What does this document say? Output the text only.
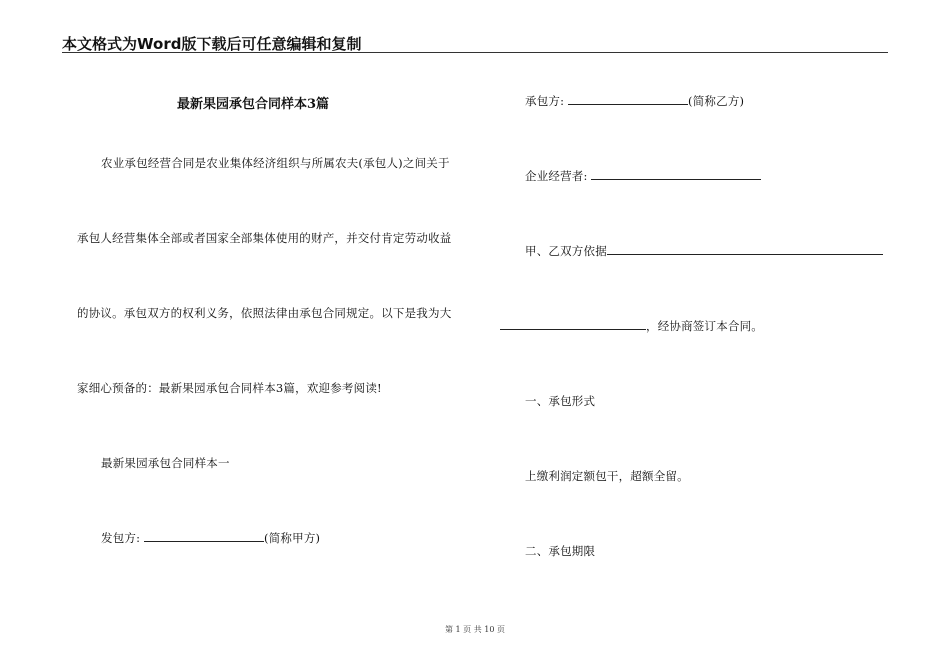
本文格式为Word版下载后可任意编辑和复制
最新果园承包合同样本3篇
农业承包经营合同是农业集体经济组织与所属农夫(承包人)之间关于
承包人经营集体全部或者国家全部集体使用的财产，并交付肯定劳动收益
的协议。承包双方的权利义务，依照法律由承包合同规定。以下是我为大
家细心预备的：最新果园承包合同样本3篇，欢迎参考阅读!
最新果园承包合同样本一
发包方:	(简称甲方)
承包方:	(简称乙方)
企业经营者:
甲、乙双方依据
，经协商签订本合同。
一、承包形式
上缴利润定额包干，超额全留。
二、承包期限
第 1 页 共 10 页
